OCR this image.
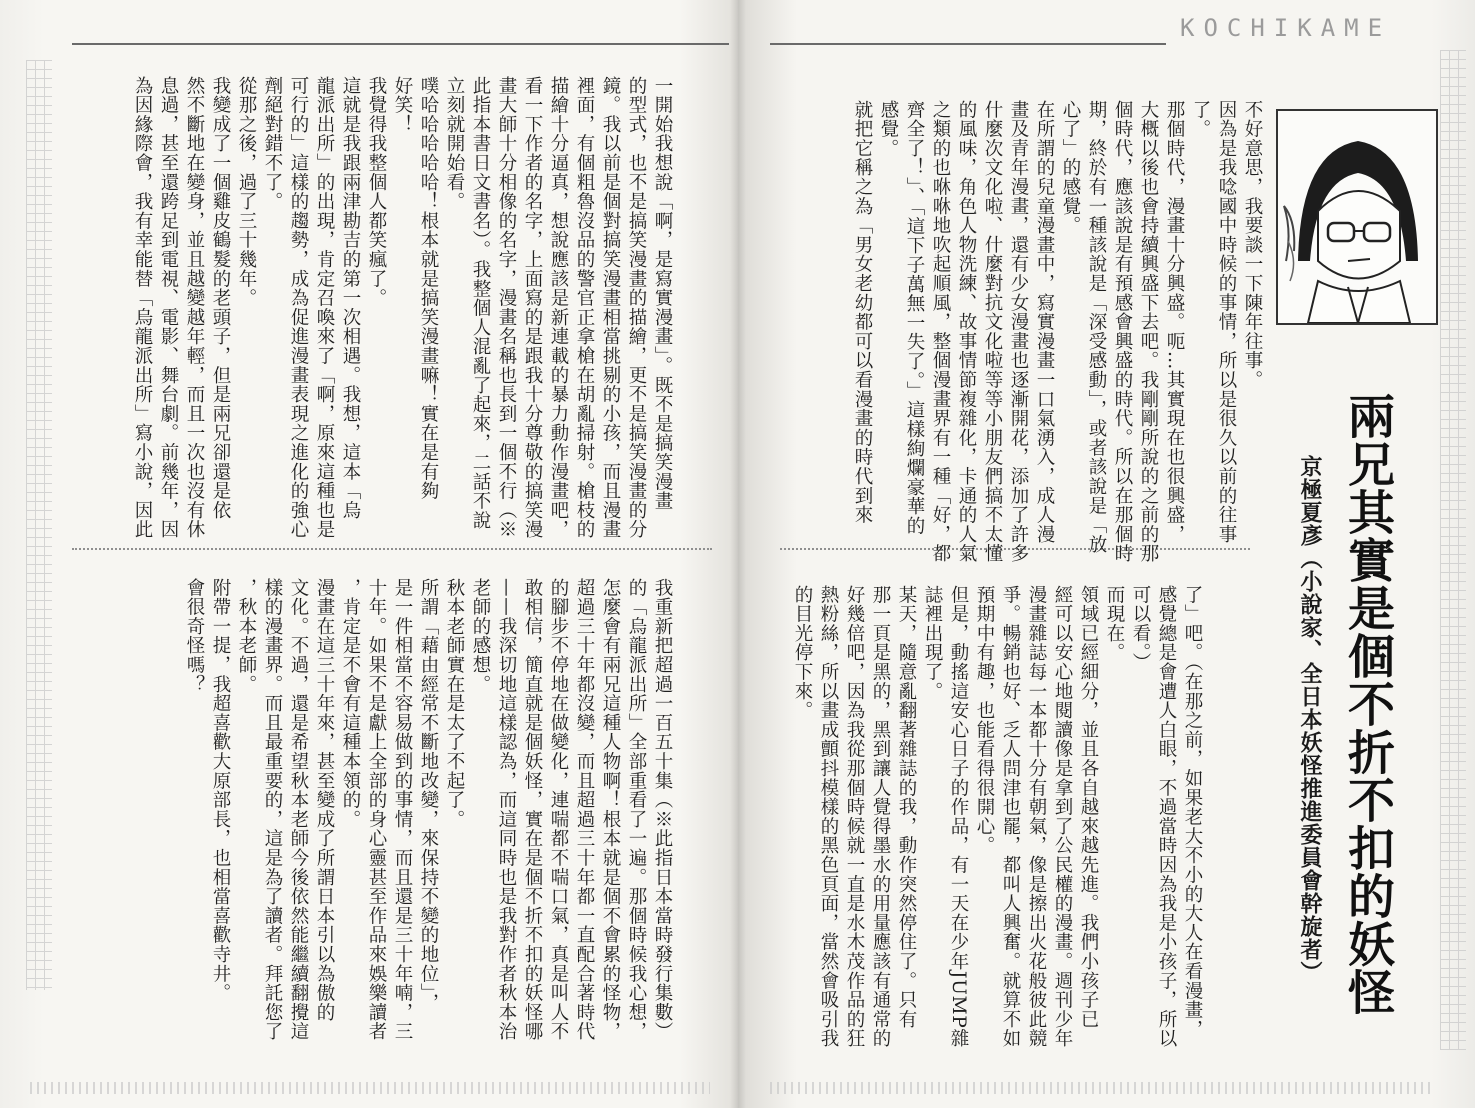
KOCHIKAME
兩兄其實是個不折不扣的妖怪
京極夏彥（小說家、全日本妖怪推進委員會幹旋者）
不好意思，我要談一下陳年往事。
因為是我唸國中時候的事情，所以是很久以前的往事
了。
那個時代，漫畫十分興盛。呃…其實現在也很興盛，
大概以後也會持續興盛下去吧。我剛剛所說的之前的那
個時代，應該說是有預感會興盛的時代。所以在那個時
期，終於有一種該說是「深受感動」，或者該說是「放
心了」的感覺。
在所謂的兒童漫畫中，寫實漫畫一口氣湧入，成人漫
畫及青年漫畫，還有少女漫畫也逐漸開花，添加了許多
什麼次文化啦、什麼對抗文化啦等等小朋友們搞不太懂
的風味，角色人物洗練、故事情節複雜化，卡通的人氣
之類的也咻咻地吹起順風，整個漫畫界有一種「好，都
齊全了！」、「這下子萬無一失了。」這樣絢爛豪華的
感覺。
就把它稱之為「男女老幼都可以看漫畫的時代到來
了」吧。（在那之前，如果老大不小的大人在看漫畫，
感覺總是會遭人白眼，不過當時因為我是小孩子，所以
可以看。）
而現在。
領域已經細分，並且各自越來越先進。我們小孩子已
經可以安心地閱讀像是拿到了公民權的漫畫。週刊少年
漫畫雜誌每一本都十分有朝氣，像是擦出火花般彼此競
爭。暢銷也好、乏人問津也罷，都叫人興奮。就算不如
預期中有趣，也能看得很開心。
但是，動搖這安心日子的作品，有一天在少年JUMP雜
誌裡出現了。
某天，隨意亂翻著雜誌的我，動作突然停住了。只有
那一頁是黑的，黑到讓人覺得墨水的用量應該有通常的
好幾倍吧，因為我從那個時候就一直是水木茂作品的狂
熱粉絲，所以畫成顫抖模樣的黑色頁面，當然會吸引我
的目光停下來。
一開始我想說「啊，是寫實漫畫」。既不是搞笑漫畫
的型式，也不是搞笑漫畫的描繪，更不是搞笑漫畫的分
鏡。我以前是個對搞笑漫畫相當挑剔的小孩，而且漫畫
裡面，有個粗魯沒品的警官正拿槍在胡亂掃射。槍枝的
描繪十分逼真，想說應該是新連載的暴力動作漫畫吧，
看一下作者的名字，上面寫的是跟我十分尊敬的搞笑漫
畫大師十分相像的名字，漫畫名稱也長到一個不行（※
此指本書日文書名）。我整個人混亂了起來，二話不說
立刻就開始看。
噗哈哈哈哈哈！根本就是搞笑漫畫嘛！實在是有夠
好笑！
我覺得我整個人都笑瘋了。
這就是我跟兩津勘吉的第一次相遇。我想，這本「烏
龍派出所」的出現，肯定召喚來了「啊，原來這種也是
可行的」這樣的趨勢，成為促進漫畫表現之進化的強心
劑絕對錯不了。
從那之後，過了三十幾年。
我變成了一個雞皮鶴髮的老頭子，但是兩兄卻還是依
然不斷地在變身，並且越變越年輕，而且一次也沒有休
息過，甚至還跨足到電視、電影、舞台劇。前幾年，因
為因緣際會，我有幸能替「烏龍派出所」寫小說，因此
我重新把超過一百五十集（※此指日本當時發行集數）
的「烏龍派出所」全部重看了一遍。那個時候我心想，
怎麼會有兩兄這種人物啊！根本就是個不會累的怪物，
超過三十年都沒變，而且超過三十年都一直配合著時代
的腳步不停地在做變化，連喘都不喘口氣，真是叫人不
敢相信，簡直就是個妖怪，實在是個不折不扣的妖怪哪
——我深切地這樣認為，而這同時也是我對作者秋本治
老師的感想。
秋本老師實在是太了不起了。
所謂「藉由經常不斷地改變，來保持不變的地位」，
是一件相當不容易做到的事情，而且還是三十年喃，三
十年。如果不是獻上全部的身心靈甚至作品來娛樂讀者
，肯定是不會有這種本領的。
漫畫在這三十年來，甚至變成了所謂日本引以為傲的
文化。不過，還是希望秋本老師今後依然能繼續翻攪這
樣的漫畫界。而且最重要的，這是為了讀者。拜託您了
，秋本老師。
附帶一提，我超喜歡大原部長，也相當喜歡寺井。
會很奇怪嗎？
